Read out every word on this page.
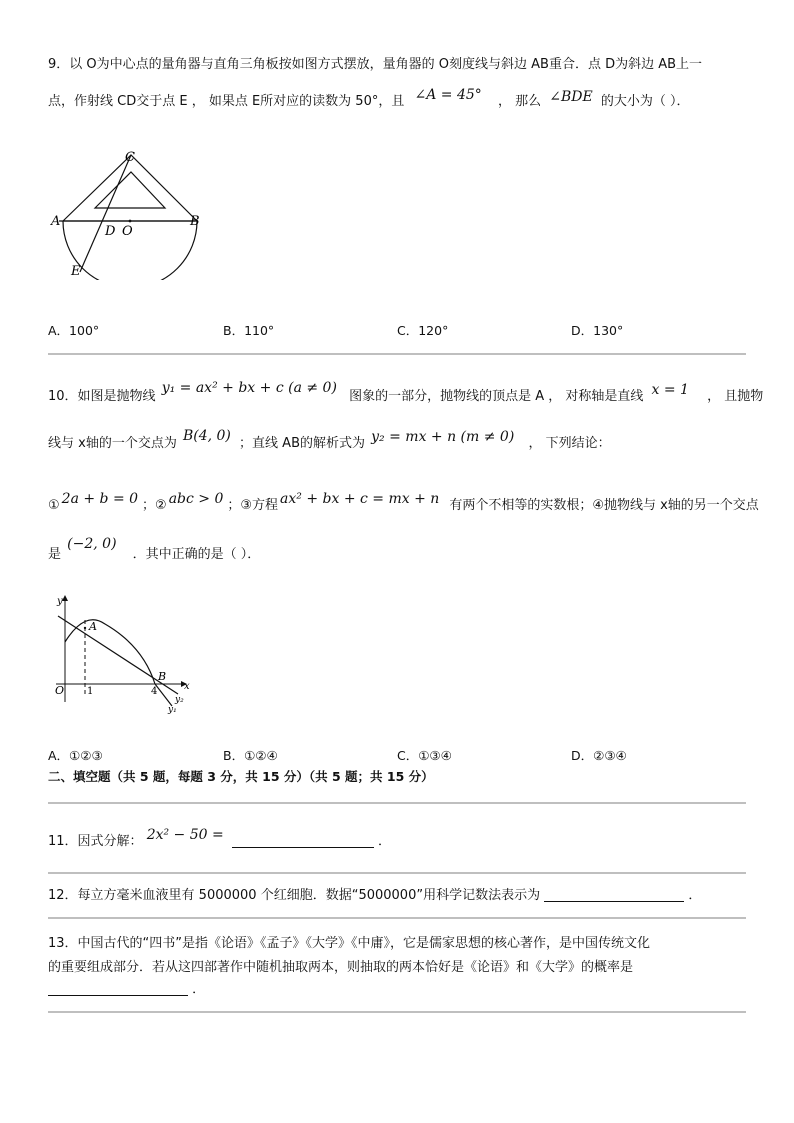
9．以 O为中心点的量角器与直角三角板按如图方式摆放，量角器的 O刻度线与斜边 AB重合．点 D为斜边 AB上一
点，作射线 CD交于点 E ， 如果点 E所对应的读数为 50°，且 ∠A = 45° ， 那么 ∠BDE 的大小为（ ）．
C
A	B
D O
E
A．100°	B．110°	C．120°	D．130°
10．如图是抛物线 y₁ = ax² + bx + c (a ≠ 0) 图象的一部分，抛物线的顶点是 A ， 对称轴是直线 x = 1 ， 且抛物
线与 x轴的一个交点为 B(4, 0) ；直线 AB的解析式为 y₂ = mx + n (m ≠ 0) ， 下列结论：
① 2a + b = 0 ；② abc > 0 ；③方程 ax² + bx + c = mx + n 有两个不相等的实数根；④抛物线与 x轴的另一个交点
是 (−2, 0) ．其中正确的是（ ）．
y
x
O 1	4
A
B
y₂
y₁
A．①②③	B．①②④	C．①③④	D．②③④
二、填空题（共 5 题，每题 3 分，共 15 分）（共 5 题；共 15 分）
11．因式分解： 2x² − 50 =	．
12．每立方毫米血液里有 5000000 个红细胞．数据“5000000”用科学记数法表示为	．
13．中国古代的“四书”是指《论语》《孟子》《大学》《中庸》，它是儒家思想的核心著作，是中国传统文化
的重要组成部分．若从这四部著作中随机抽取两本，则抽取的两本恰好是《论语》和《大学》的概率是
．
